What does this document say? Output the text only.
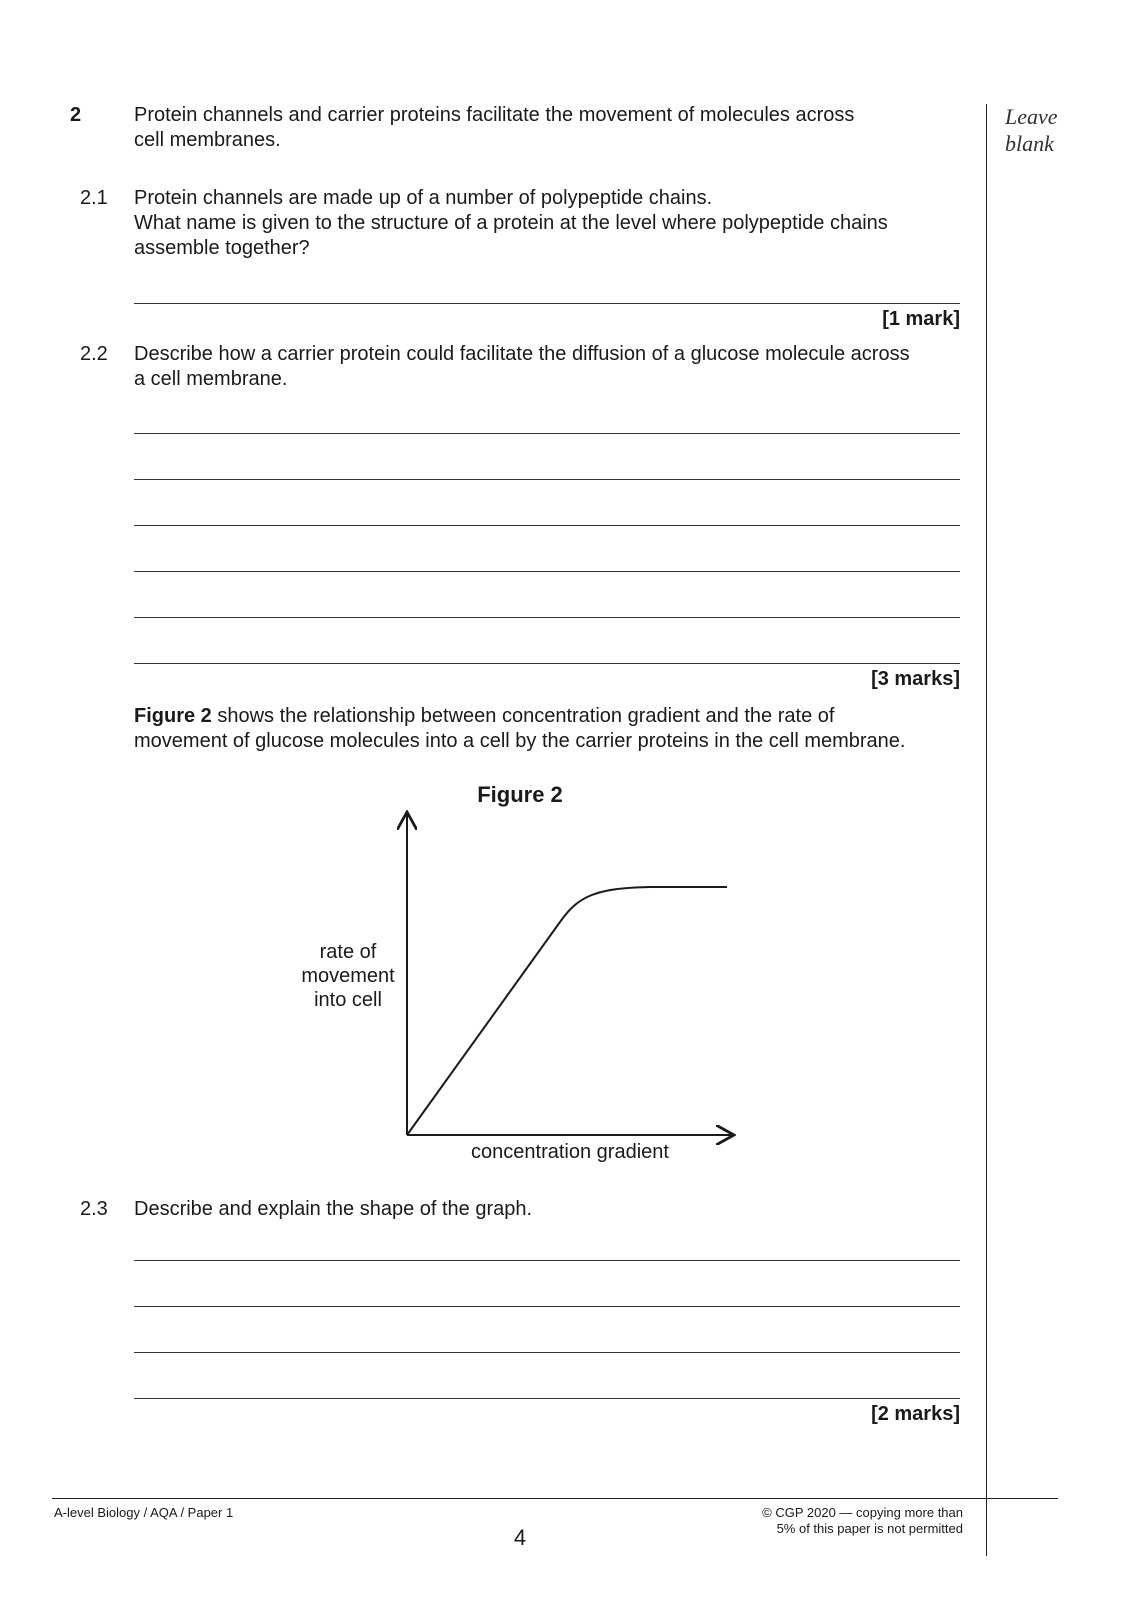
Leave
blank
2	Protein channels and carrier proteins facilitate the movement of molecules across
cell membranes.
2.1 Protein channels are made up of a number of polypeptide chains.
What name is given to the structure of a protein at the level where polypeptide chains
assemble together?
[1 mark]
2.2 Describe how a carrier protein could facilitate the diffusion of a glucose molecule across
a cell membrane.
[3 marks]
Figure 2 shows the relationship between concentration gradient and the rate of
movement of glucose molecules into a cell by the carrier proteins in the cell membrane.
Figure 2
rate of
movement
into cell
concentration gradient
2.3 Describe and explain the shape of the graph.
[2 marks]
A-level Biology / AQA / Paper 1
4
© CGP 2020 — copying more than
5% of this paper is not permitted
